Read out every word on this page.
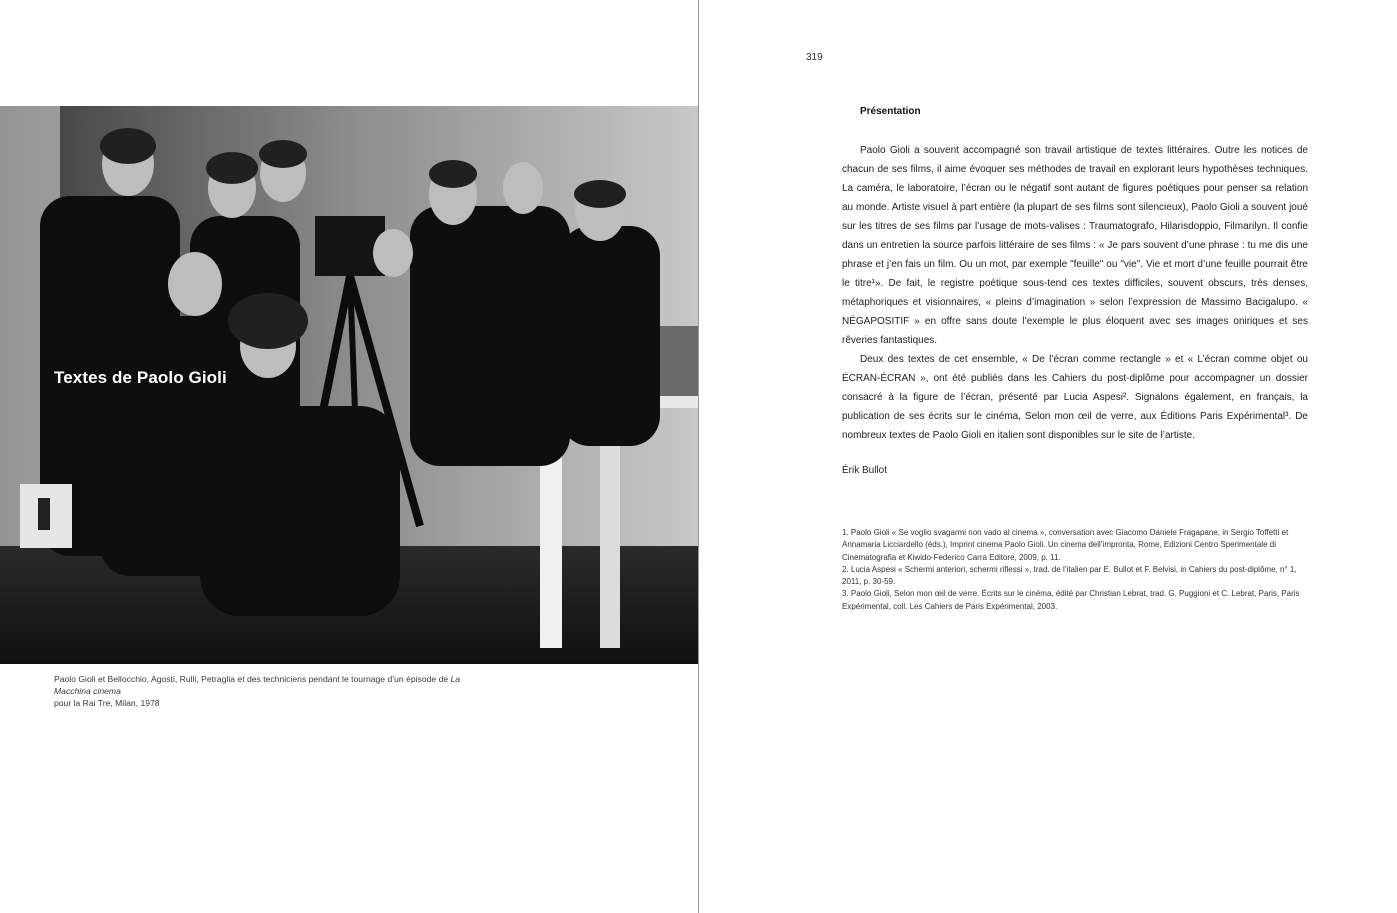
Textes de Paolo Gioli
Paolo Gioli et Bellocchio, Agosti, Rulli, Petraglia et des techniciens pendant le tournage d’un épisode de La Macchina cinema
pour la Rai Tre, Milan, 1978
319
Présentation

Paolo Gioli a souvent accompagné son travail artistique de textes littéraires. Outre les notices de chacun de ses films, il aime évoquer ses méthodes de travail en explorant leurs hypothèses techniques. La caméra, le laboratoire, l’écran ou le négatif sont autant de figures poétiques pour penser sa relation au monde. Artiste visuel à part entière (la plupart de ses films sont silencieux), Paolo Gioli a souvent joué sur les titres de ses films par l’usage de mots-valises : Traumatografo, Hilarisdoppio, Filmarilyn. Il confie dans un entretien la source parfois littéraire de ses films : « Je pars souvent d’une phrase : tu me dis une phrase et j’en fais un film. Ou un mot, par exemple "feuille" ou "vie". Vie et mort d’une feuille pourrait être le titre¹». De fait, le registre poétique sous-tend ces textes difficiles, souvent obscurs, très denses, métaphoriques et visionnaires, « pleins d’imagination » selon l’expression de Massimo Bacigalupo. « NÉGAPOSITIF » en offre sans doute l’exemple le plus éloquent avec ses images oniriques et ses rêveries fantastiques.

Deux des textes de cet ensemble, « De l’écran comme rectangle » et « L’écran comme objet ou ÉCRAN-ÉCRAN », ont été publiés dans les Cahiers du post-diplôme pour accompagner un dossier consacré à la figure de l’écran, présenté par Lucia Aspesi². Signalons également, en français, la publication de ses écrits sur le cinéma, Selon mon œil de verre, aux Éditions Paris Expérimental³. De nombreux textes de Paolo Gioli en italien sont disponibles sur le site de l’artiste.

Érik Bullot
1. Paolo Gioli « Se voglio svagarmi non vado al cinema », conversation avec Giacomo Daniele Fragapane, in Sergio Toffetti et Annamaria Licciardello (éds.), Imprint cinema Paolo Gioli. Un cinema dell’impronta, Rome, Edizioni Centro Sperimentale di Cinematografia et Kiwido-Federico Carra Editore, 2009, p. 11.
2. Lucia Aspesi « Schermi anteriori, schermi riflessi », trad. de l’italien par E. Bullot et F. Belvisi, in Cahiers du post-diplôme, n° 1, 2011, p. 30-59.
3. Paolo Gioli, Selon mon œil de verre. Écrits sur le cinéma, édité par Christian Lebrat, trad. G. Puggioni et C. Lebrat, Paris, Paris Expérimental, coll. Les Cahiers de Paris Expérimental, 2003.
